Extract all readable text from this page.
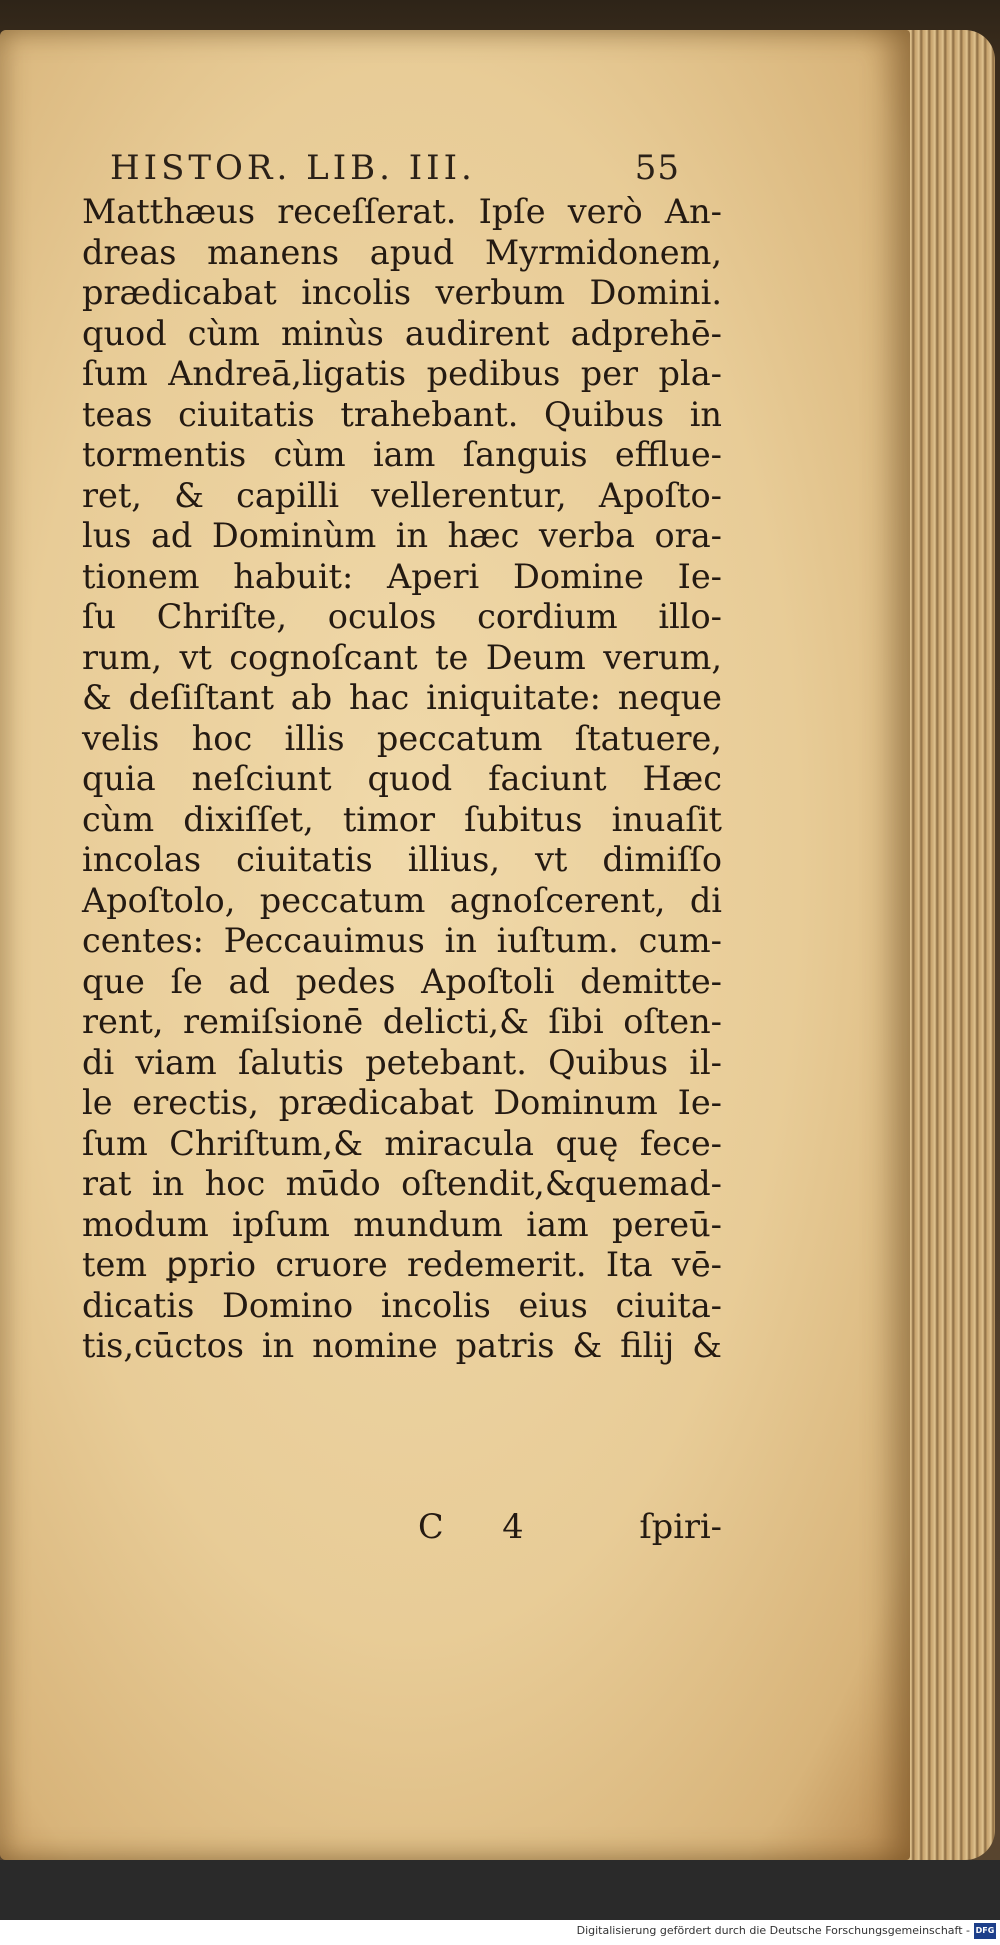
HISTOR. LIB. III.	55
Matthæus receſſerat. Ipſe verò An-
dreas manens apud Myrmidonem,
prædicabat incolis verbum Domini.
quod cùm minùs audirent adprehē-
ſum Andreā,ligatis pedibus per pla-
teas ciuitatis trahebant. Quibus in
tormentis cùm iam ſanguis efflue-
ret, & capilli vellerentur, Apoſto-
lus ad Dominùm in hæc verba ora-
tionem habuit: Aperi Domine Ie-
ſu Chriſte, oculos cordium illo-
rum, vt cognoſcant te Deum verum,
& deſiſtant ab hac iniquitate: neque
velis hoc illis peccatum ſtatuere,
quia neſciunt quod faciunt Hæc
cùm dixiſſet, timor ſubitus inuaſit
incolas ciuitatis illius, vt dimiſſo
Apoſtolo, peccatum agnoſcerent, di
centes: Peccauimus in iuſtum. cum-
que ſe ad pedes Apoſtoli demitte-
rent, remiſsionē delicti,& ſibi oſten-
di viam ſalutis petebant. Quibus il-
le erectis, prædicabat Dominum Ie-
ſum Chriſtum,& miracula quę fece-
rat in hoc mūdo oſtendit,&quemad-
modum ipſum mundum iam pereū-
tem ꝑprio cruore redemerit. Ita vē-
dicatis Domino incolis eius ciuita-
tis,cūctos in nomine patris & filij &
C 4	ſpiri-
Digitalisierung gefördert durch die Deutsche Forschungsgemeinschaft - DFG
